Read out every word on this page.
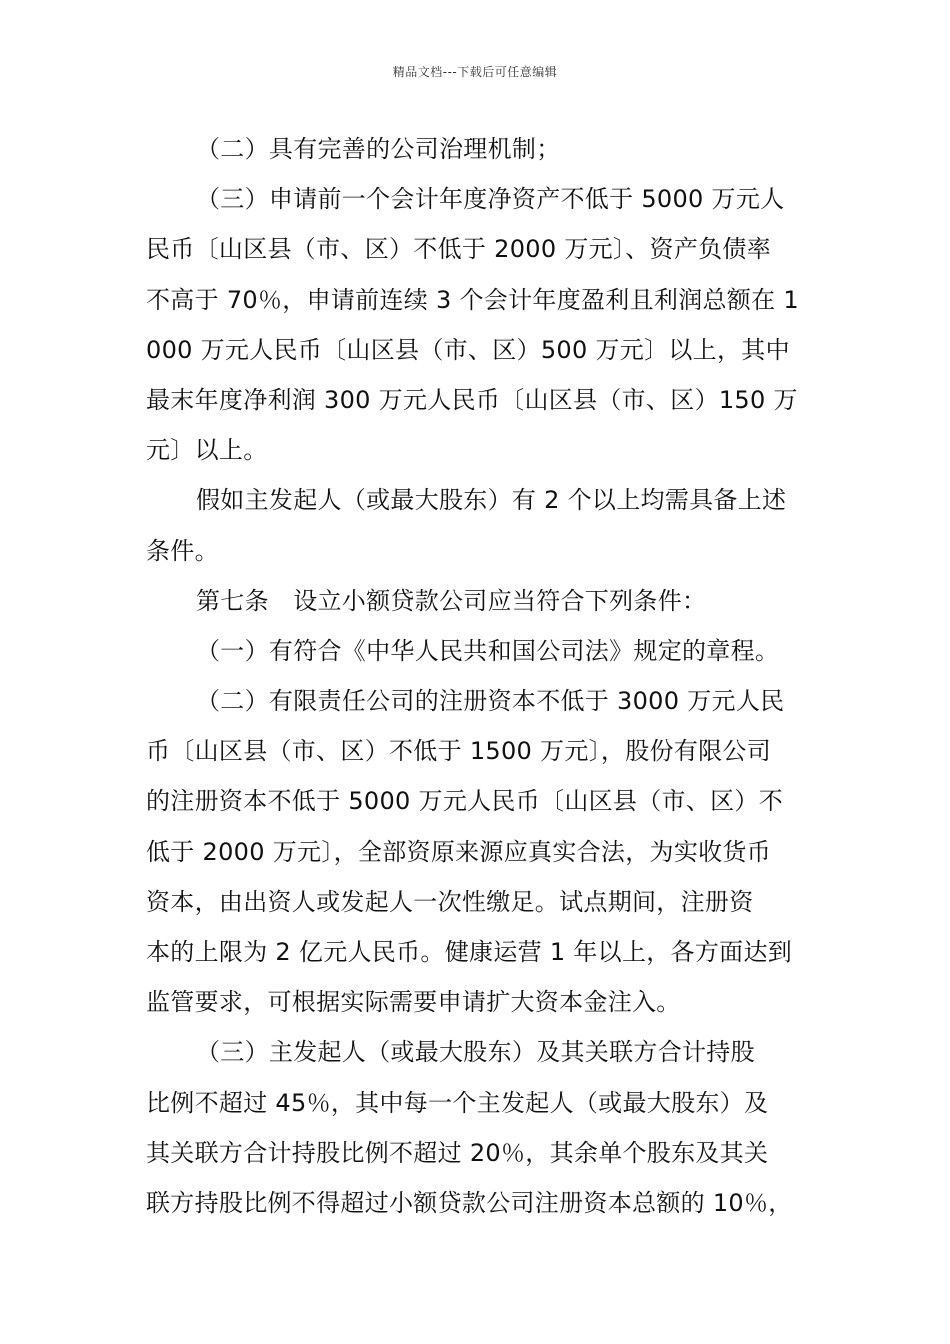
精品文档---下载后可任意编辑
（二）具有完善的公司治理机制；
（三）申请前一个会计年度净资产不低于 5000 万元人
民币〔山区县（市、区）不低于 2000 万元〕、资产负债率
不高于 70％，申请前连续 3 个会计年度盈利且利润总额在 1
000 万元人民币〔山区县（市、区）500 万元〕以上，其中
最末年度净利润 300 万元人民币〔山区县（市、区）150 万
元〕以上。
假如主发起人（或最大股东）有 2 个以上均需具备上述
条件。
第七条　设立小额贷款公司应当符合下列条件：
（一）有符合《中华人民共和国公司法》规定的章程。
（二）有限责任公司的注册资本不低于 3000 万元人民
币〔山区县（市、区）不低于 1500 万元〕，股份有限公司
的注册资本不低于 5000 万元人民币〔山区县（市、区）不
低于 2000 万元〕，全部资原来源应真实合法，为实收货币
资本，由出资人或发起人一次性缴足。试点期间，注册资
本的上限为 2 亿元人民币。健康运营 1 年以上，各方面达到
监管要求，可根据实际需要申请扩大资本金注入。
（三）主发起人（或最大股东）及其关联方合计持股
比例不超过 45％，其中每一个主发起人（或最大股东）及
其关联方合计持股比例不超过 20％，其余单个股东及其关
联方持股比例不得超过小额贷款公司注册资本总额的 10％，
